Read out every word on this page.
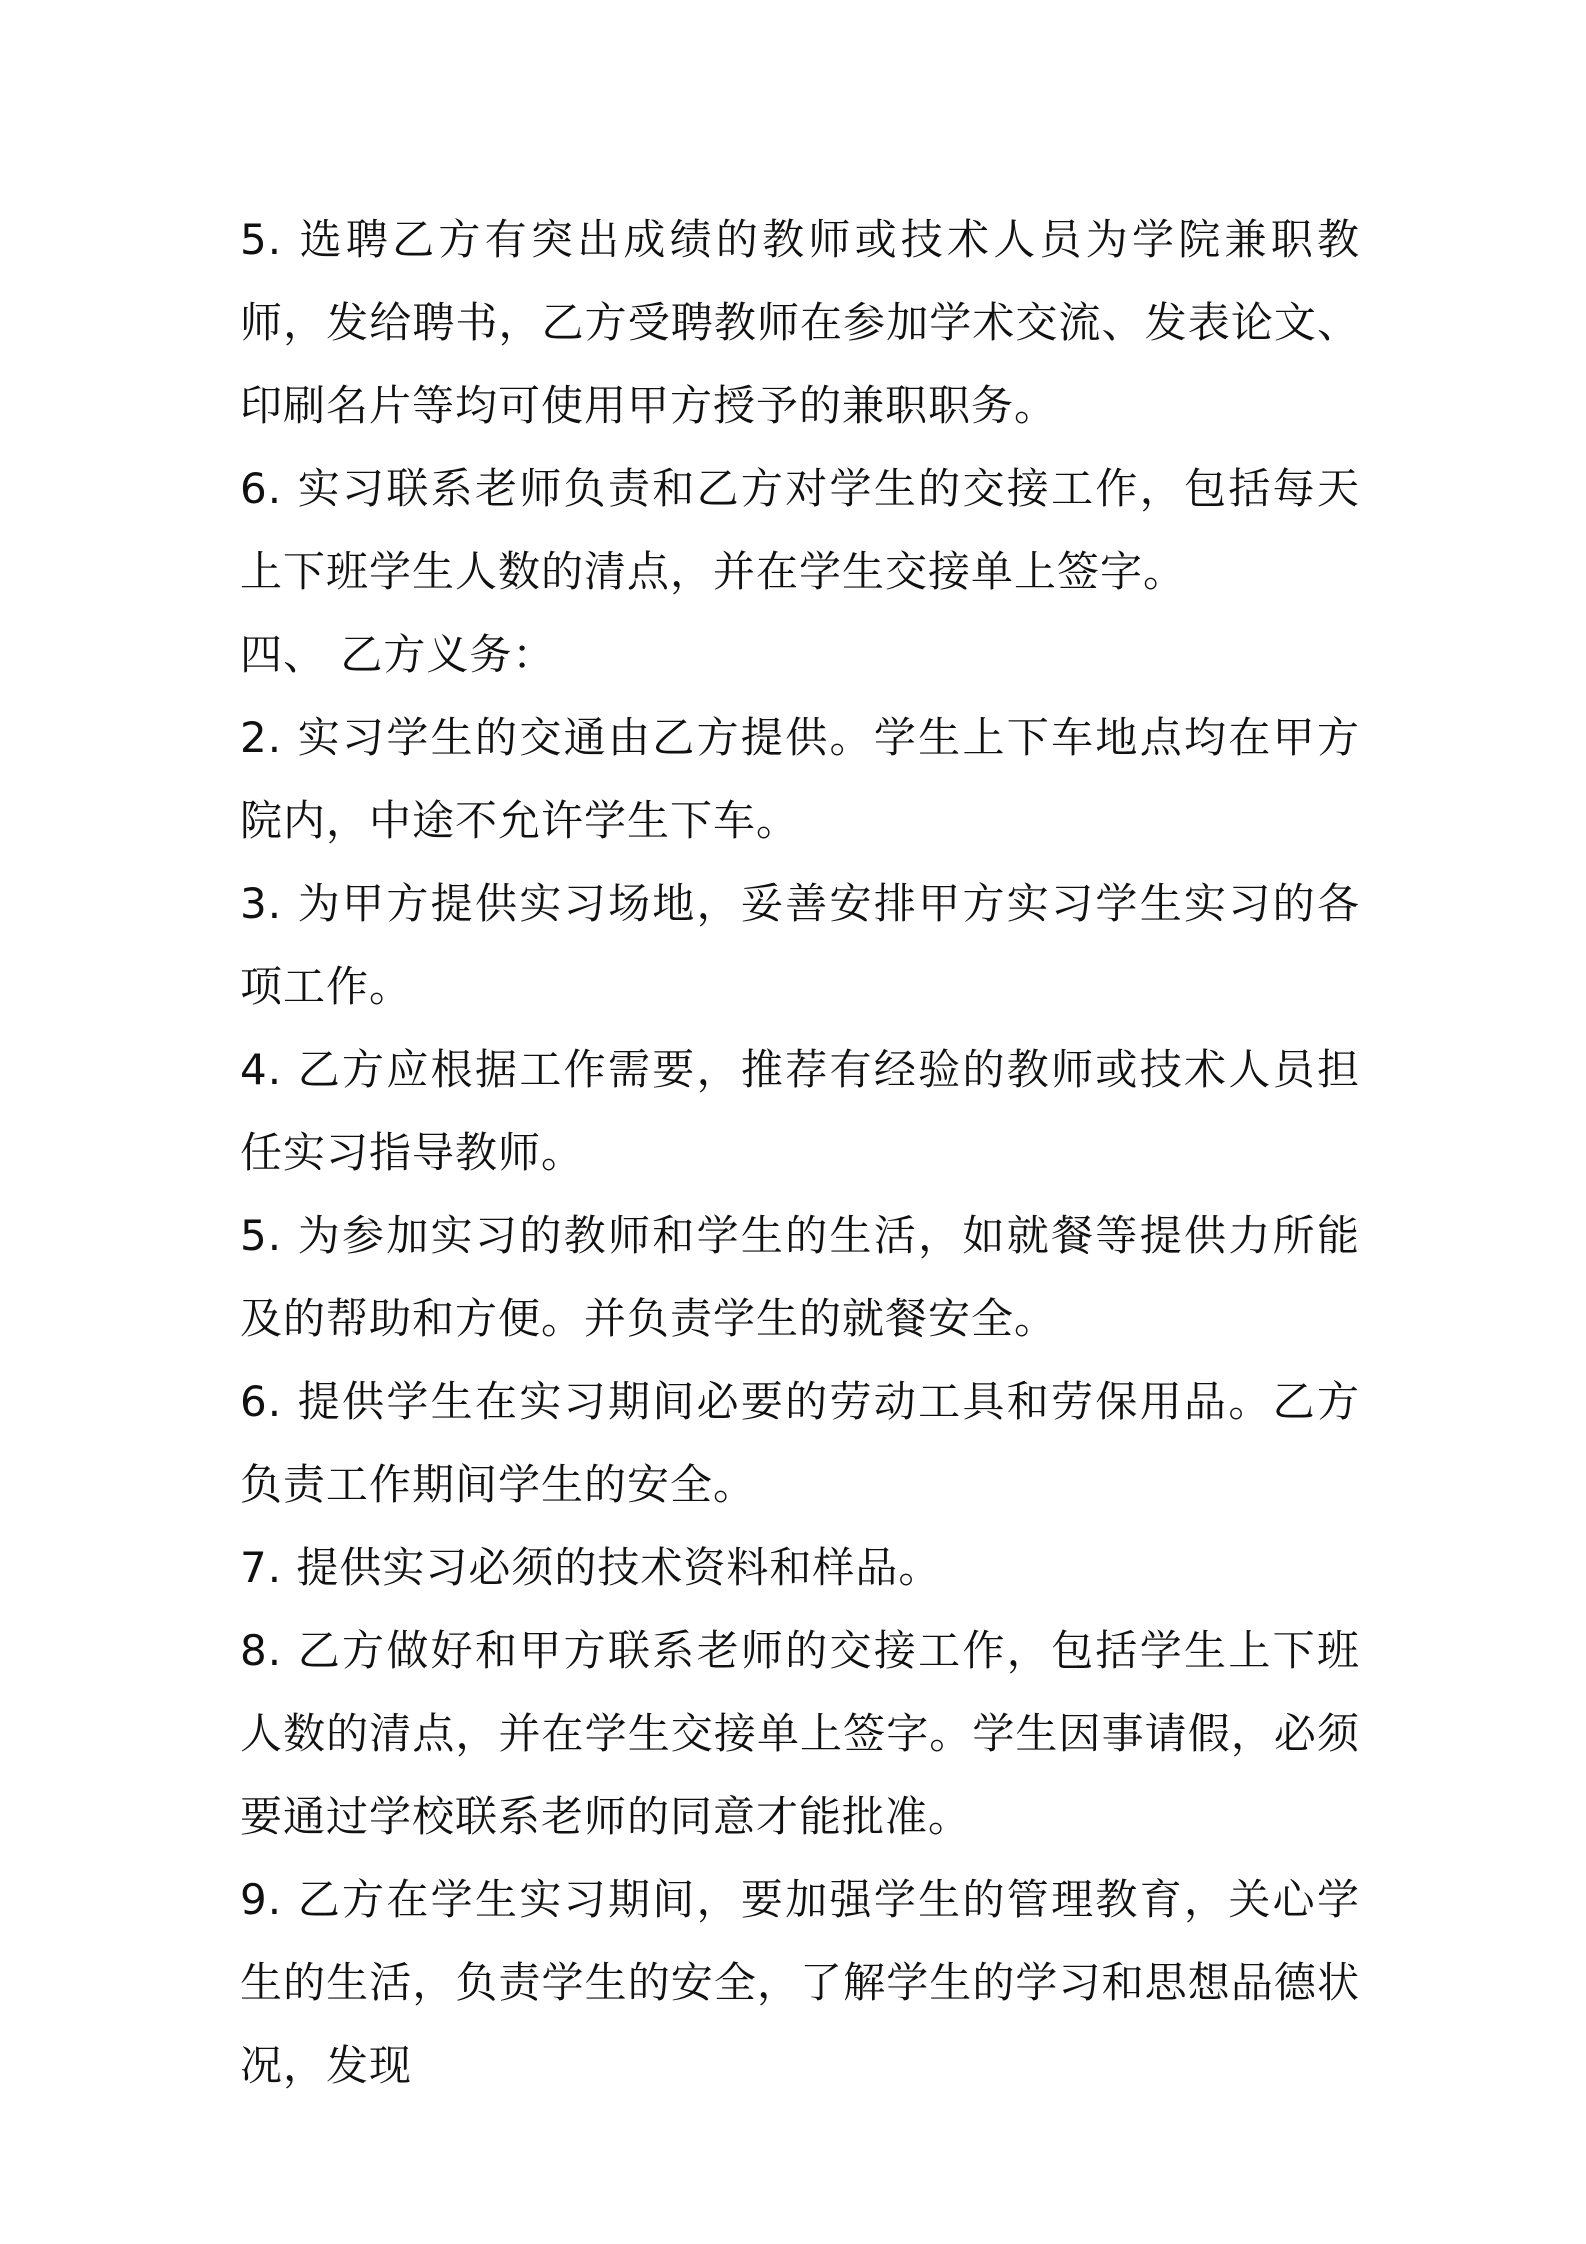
5. 选聘乙方有突出成绩的教师或技术人员为学院兼职教师，发给聘书，乙方受聘教师在参加学术交流、发表论文、印刷名片等均可使用甲方授予的兼职职务。

6. 实习联系老师负责和乙方对学生的交接工作，包括每天上下班学生人数的清点，并在学生交接单上签字。

四、 乙方义务：

2. 实习学生的交通由乙方提供。学生上下车地点均在甲方院内，中途不允许学生下车。

3. 为甲方提供实习场地，妥善安排甲方实习学生实习的各项工作。

4. 乙方应根据工作需要，推荐有经验的教师或技术人员担任实习指导教师。

5. 为参加实习的教师和学生的生活，如就餐等提供力所能及的帮助和方便。并负责学生的就餐安全。

6. 提供学生在实习期间必要的劳动工具和劳保用品。乙方负责工作期间学生的安全。

7. 提供实习必须的技术资料和样品。

8. 乙方做好和甲方联系老师的交接工作，包括学生上下班人数的清点，并在学生交接单上签字。学生因事请假，必须要通过学校联系老师的同意才能批准。

9. 乙方在学生实习期间，要加强学生的管理教育，关心学生的生活，负责学生的安全，了解学生的学习和思想品德状况，发现
